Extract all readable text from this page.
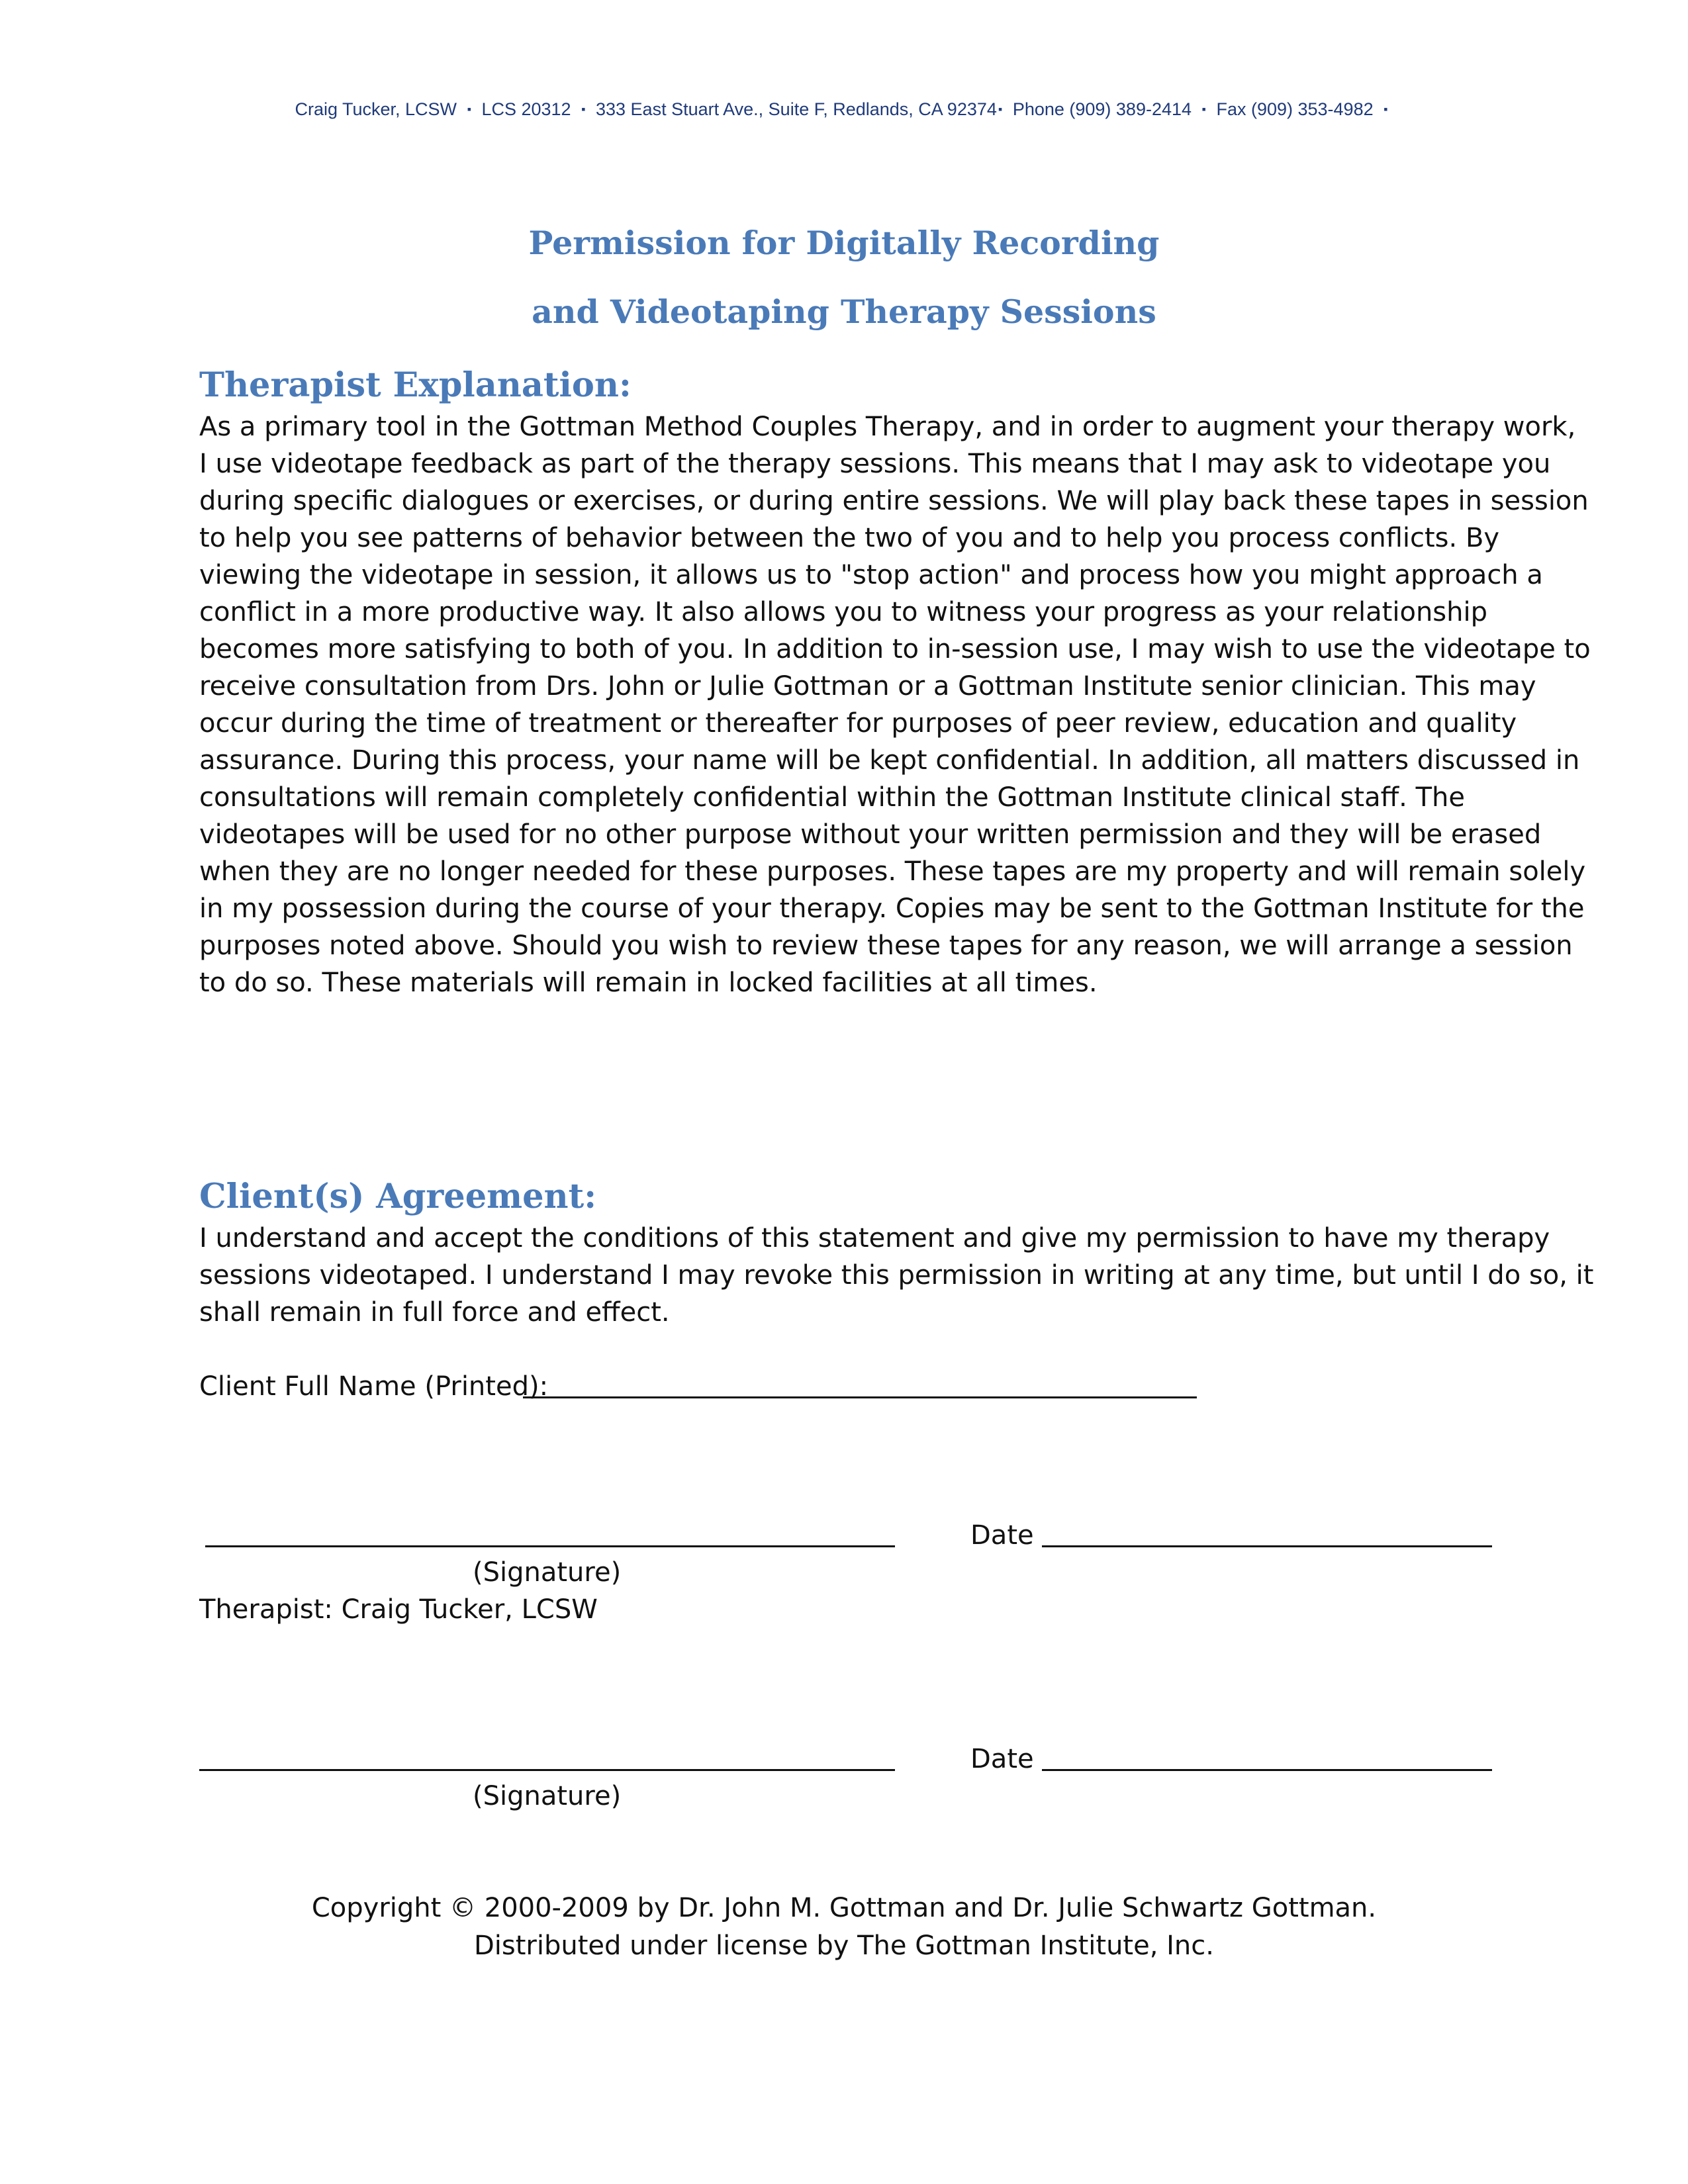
Craig Tucker, LCSW ▪ LCS 20312 ▪ 333 East Stuart Ave., Suite F, Redlands, CA 92374 ▪ Phone (909) 389-2414 ▪ Fax (909) 353-4982 ▪
Permission for Digitally Recording
and Videotaping Therapy Sessions
Therapist Explanation:
As a primary tool in the Gottman Method Couples Therapy, and in order to augment your therapy work,
I use videotape feedback as part of the therapy sessions. This means that I may ask to videotape you
during specific dialogues or exercises, or during entire sessions. We will play back these tapes in session
to help you see patterns of behavior between the two of you and to help you process conflicts. By
viewing the videotape in session, it allows us to "stop action" and process how you might approach a
conflict in a more productive way. It also allows you to witness your progress as your relationship
becomes more satisfying to both of you. In addition to in-session use, I may wish to use the videotape to
receive consultation from Drs. John or Julie Gottman or a Gottman Institute senior clinician. This may
occur during the time of treatment or thereafter for purposes of peer review, education and quality
assurance. During this process, your name will be kept confidential. In addition, all matters discussed in
consultations will remain completely confidential within the Gottman Institute clinical staff. The
videotapes will be used for no other purpose without your written permission and they will be erased
when they are no longer needed for these purposes. These tapes are my property and will remain solely
in my possession during the course of your therapy. Copies may be sent to the Gottman Institute for the
purposes noted above. Should you wish to review these tapes for any reason, we will arrange a session
to do so. These materials will remain in locked facilities at all times.
Client(s) Agreement:
I understand and accept the conditions of this statement and give my permission to have my therapy
sessions videotaped. I understand I may revoke this permission in writing at any time, but until I do so, it
shall remain in full force and effect.
Client Full Name (Printed):
Date
(Signature)
Therapist: Craig Tucker, LCSW
Date
(Signature)
Copyright © 2000-2009 by Dr. John M. Gottman and Dr. Julie Schwartz Gottman.
Distributed under license by The Gottman Institute, Inc.
